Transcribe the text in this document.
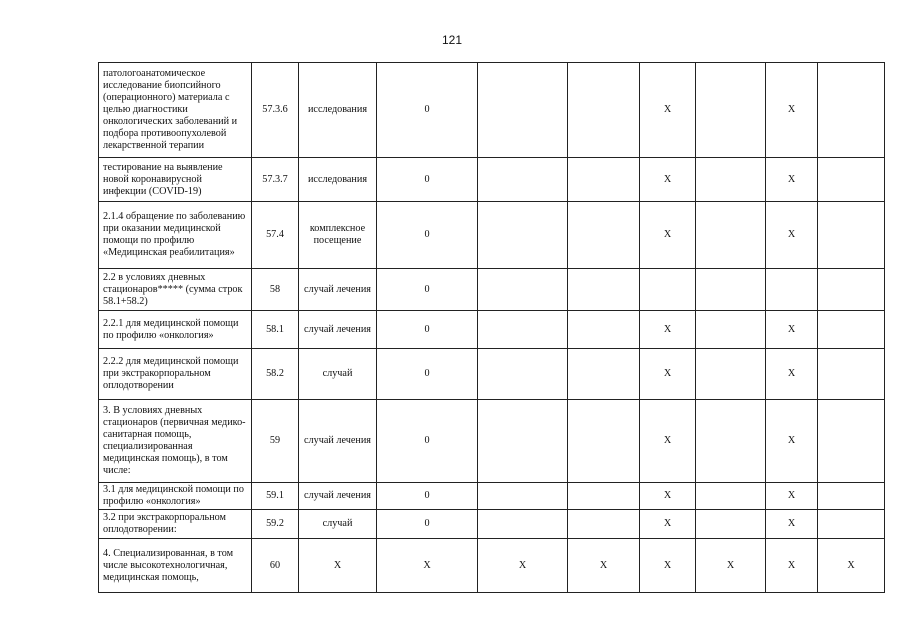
121
патологоанатомическое исследование биопсийного (операционного) материала с целью диагностики онкологических заболеваний и подбора противоопухолевой лекарственной терапии	57.3.6	исследования	0			X		X		
тестирование на выявление новой коронавирусной инфекции (COVID-19)	57.3.7	исследования	0			X		X		
2.1.4 обращение по заболеванию при оказании медицинской помощи по профилю «Медицинская реабилитация»	57.4	комплексное посещение	0			X		X		
2.2 в условиях дневных стационаров***** (сумма строк 58.1+58.2)	58	случай лечения	0							
2.2.1 для медицинской помощи по профилю «онкология»	58.1	случай лечения	0			X		X		
2.2.2 для медицинской помощи при экстракорпоральном оплодотворении	58.2	случай	0			X		X		
3. В условиях дневных стационаров (первичная медико-санитарная помощь, специализированная медицинская помощь), в том числе:	59	случай лечения	0			X		X		
3.1 для медицинской помощи по профилю «онкология»	59.1	случай лечения	0			X		X		
3.2 при экстракорпоральном оплодотворении:	59.2	случай	0			X		X		
4. Специализированная, в том числе высокотехнологичная, медицинская помощь,	60	X	X	X	X	X	X	X	X	
